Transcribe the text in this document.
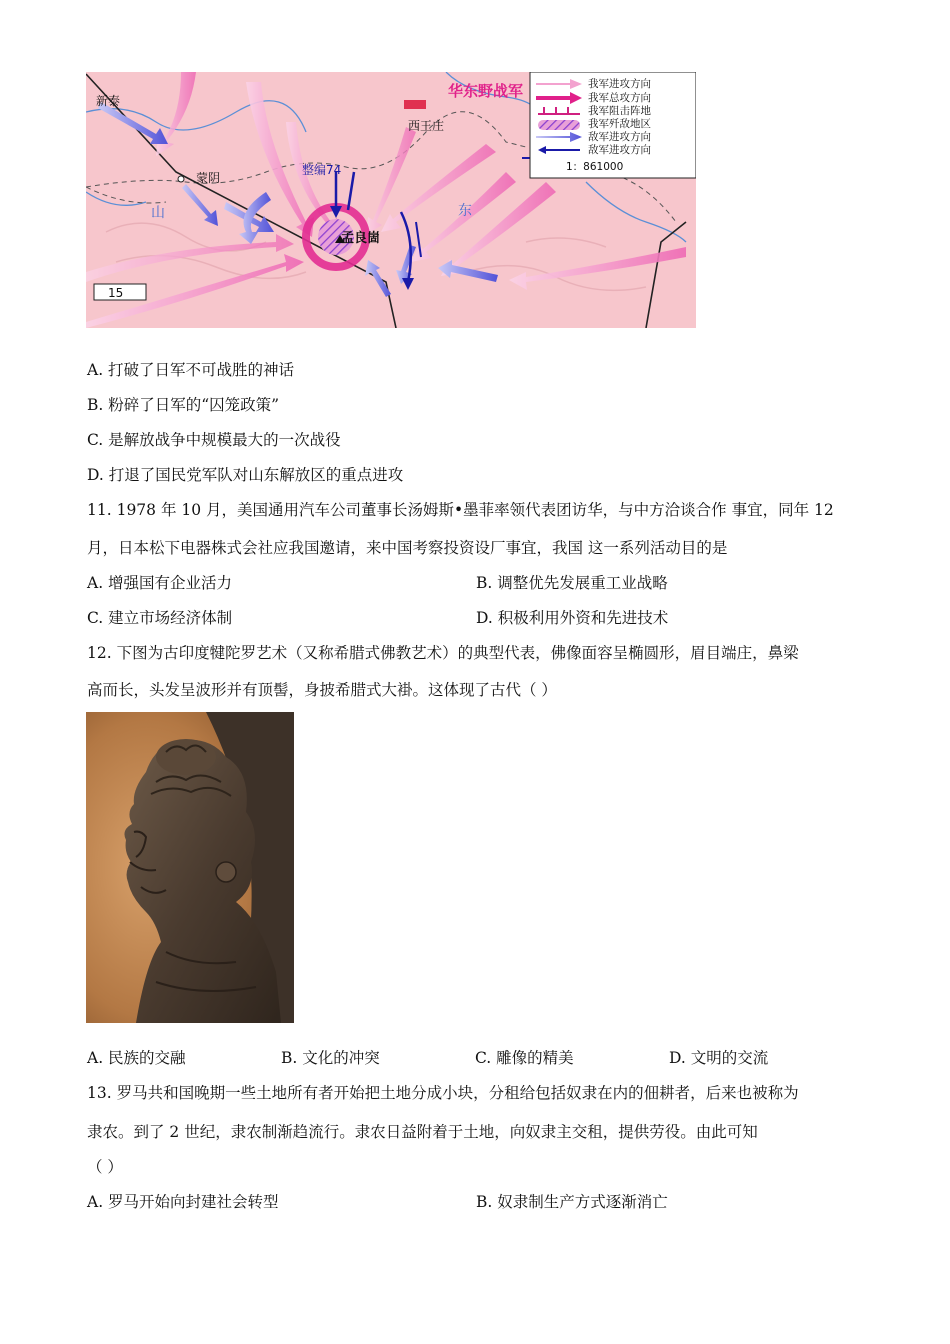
华东野战军
新泰
蒙阴
西王庄
孟良崮
山	东
整编74
15
我军进攻方向
我军总攻方向
我军阻击阵地
我军歼敌地区
敌军进攻方向
敌军进攻方向
1：861000
A. 打破了日军不可战胜的神话
B. 粉碎了日军的“囚笼政策”
C. 是解放战争中规模最大的一次战役
D. 打退了国民党军队对山东解放区的重点进攻
11. 1978 年 10 月，美国通用汽车公司董事长汤姆斯•墨菲率领代表团访华，与中方洽谈合作 事宜，同年 12
月，日本松下电器株式会社应我国邀请，来中国考察投资设厂事宜，我国 这一系列活动目的是
A. 增强国有企业活力	B. 调整优先发展重工业战略
C. 建立市场经济体制	D. 积极利用外资和先进技术
12. 下图为古印度犍陀罗艺术（又称希腊式佛教艺术）的典型代表，佛像面容呈椭圆形，眉目端庄，鼻梁
高而长，头发呈波形并有顶髻，身披希腊式大褂。这体现了古代（ ）
A. 民族的交融	B. 文化的冲突	C. 雕像的精美	D. 文明的交流
13. 罗马共和国晚期一些土地所有者开始把土地分成小块，分租给包括奴隶在内的佃耕者，后来也被称为
隶农。到了 2 世纪，隶农制渐趋流行。隶农日益附着于土地，向奴隶主交租，提供劳役。由此可知
（ ）
A. 罗马开始向封建社会转型	B. 奴隶制生产方式逐渐消亡
